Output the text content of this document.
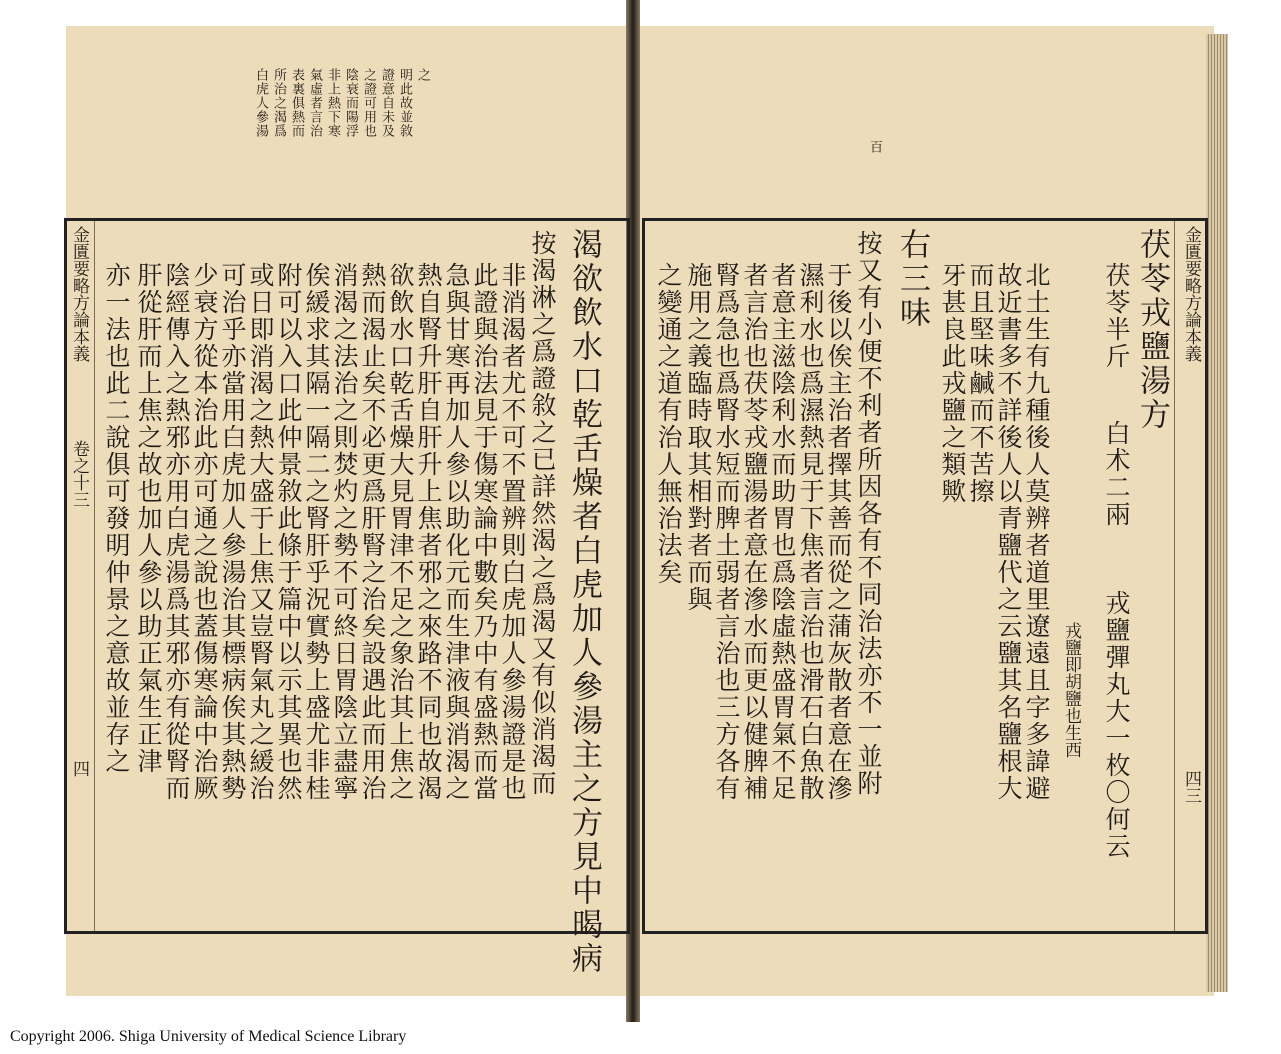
白虎人參湯 所治之渴爲 表裏俱熱而 氣虛者言治 非上熱下寒 陰衰而陽浮 之證可用也 證意自未及 明此故並敘 之
金匱要略方論本義
卷之十三
四	渴欲飲水口乾舌燥者白虎加人參湯主之方見中暍病
按渴淋之爲證敘之已詳然渴之爲渴又有似消渴而
非消渴者尤不可不置辨則白虎加人參湯證是也
此證與治法見于傷寒論中數矣乃中有盛熱而當
急與甘寒再加人參以助化元而生津液與消渴之
熱自腎升肝自肝升上焦者邪之來路不同也故渴
欲飲水口乾舌燥大見胃津不足之象治其上焦之
熱而渴止矣不必更爲肝腎之治矣設遇此而用治
消渴之法治之則焚灼之勢不可終日胃陰立盡寧
俟緩求其隔一隔二之腎肝乎況實勢上盛尤非桂
附可以入口此仲景敘此條于篇中以示其異也然
或日即消渴之熱大盛于上焦又豈腎氣丸之緩治
可治乎亦當用白虎加人參湯治其標病俟其熱勢
少衰方從本治此亦可通之說也蓋傷寒論中治厥
陰經傳入之熱邪亦用白虎湯爲其邪亦有從腎而
肝從肝而上焦之故也加人參以助正氣生正津
亦一法也此二說俱可發明仲景之意故並存之
百
金匱要略方論本義
四三
茯苓戎鹽湯方
茯苓半斤
白术二兩
戎鹽彈丸大一枚〇何云
戎鹽即胡鹽也生西
北土生有九種後人莫辨者道里遼遠且字多諱避
故近書多不詳後人以青鹽代之云鹽其名鹽根大
而且堅味鹹而不苦擦
牙甚良此戎鹽之類歟
右三味
按又有小便不利者所因各有不同治法亦不一並附
于後以俟主治者擇其善而從之蒲灰散者意在滲
濕利水也爲濕熱見于下焦者言治也滑石白魚散
者意主滋陰利水而助胃也爲陰虛熱盛胃氣不足
者言治也茯苓戎鹽湯者意在滲水而更以健脾補
腎爲急也爲腎水短而脾土弱者言治也三方各有
施用之義臨時取其相對者而與
之變通之道有治人無治法矣
Copyright 2006. Shiga University of Medical Science Library
